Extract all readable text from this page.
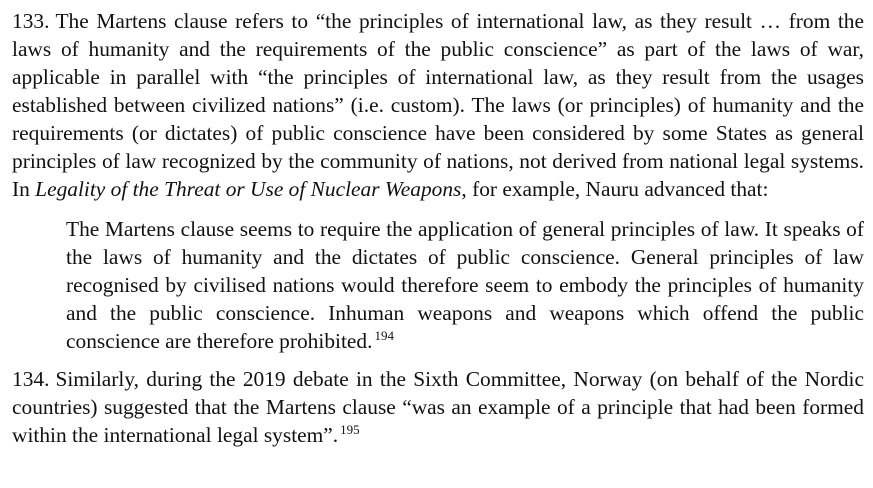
133. The Martens clause refers to “the principles of international law, as they result … from the laws of humanity and the requirements of the public conscience” as part of the laws of war, applicable in parallel with “the principles of international law, as they result from the usages established between civilized nations” (i.e. custom). The laws (or principles) of humanity and the requirements (or dictates) of public conscience have been considered by some States as general principles of law recognized by the community of nations, not derived from national legal systems. In Legality of the Threat or Use of Nuclear Weapons, for example, Nauru advanced that:

The Martens clause seems to require the application of general principles of law. It speaks of the laws of humanity and the dictates of public conscience. General principles of law recognised by civilised nations would therefore seem to embody the principles of humanity and the public conscience. Inhuman weapons and weapons which offend the public conscience are therefore prohibited. $^{194}$

134. Similarly, during the 2019 debate in the Sixth Committee, Norway (on behalf of the Nordic countries) suggested that the Martens clause “was an example of a principle that had been formed within the international legal system”. $^{195}$
